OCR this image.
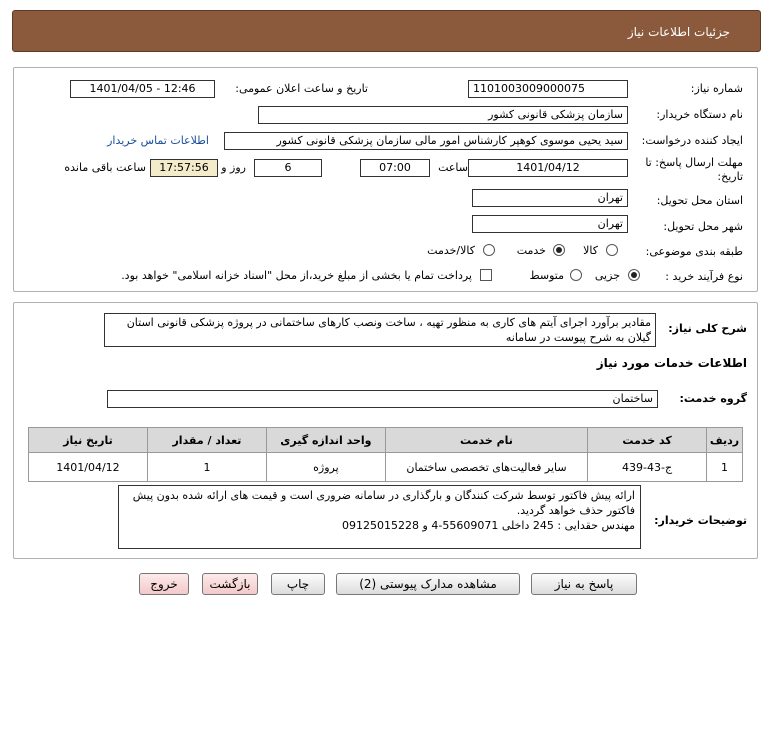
جزئیات اطلاعات نیاز
شماره نیاز:
1101003009000075
تاریخ و ساعت اعلان عمومی:
1401/04/05 - 12:46
نام دستگاه خریدار:
سازمان پزشکی قانونی کشور
ایجاد کننده درخواست:
سید یحیی موسوی کوهپر کارشناس امور مالی سازمان پزشکی قانونی کشور
اطلاعات تماس خریدار
مهلت ارسال پاسخ: تا تاریخ:
1401/04/12
ساعت
07:00
6
روز و
17:57:56
ساعت باقی مانده
استان محل تحویل:
تهران
شهر محل تحویل:
تهران
طبقه بندی موضوعی:
کالا
خدمت
کالا/خدمت
نوع فرآیند خرید :
جزیی
متوسط
پرداخت تمام یا بخشی از مبلغ خرید،از محل "اسناد خزانه اسلامی" خواهد بود.
شرح کلی نیاز:
مقادیر برآورد اجرای آیتم های کاری به منظور تهیه ، ساخت ونصب کارهای ساختمانی در پروژه پزشکی قانونی استان گیلان به شرح پیوست در سامانه
اطلاعات خدمات مورد نیاز
گروه خدمت:
ساختمان
ردیف	کد خدمت	نام خدمت	واحد اندازه گیری	تعداد / مقدار	تاریخ نیاز
1	ج-43-439	سایر فعالیت‌های تخصصی ساختمان	پروژه	1	1401/04/12
توضیحات خریدار:
ارائه پیش فاکتور توسط شرکت کنندگان و بارگذاری در سامانه ضروری است و قیمت های ارائه شده بدون پیش فاکتور حذف خواهد گردید.
مهندس حقدایی : 245 داخلی 55609071-4 و 09125015228
پاسخ به نیاز
مشاهده مدارک پیوستی (2)
چاپ
بازگشت
خروج
